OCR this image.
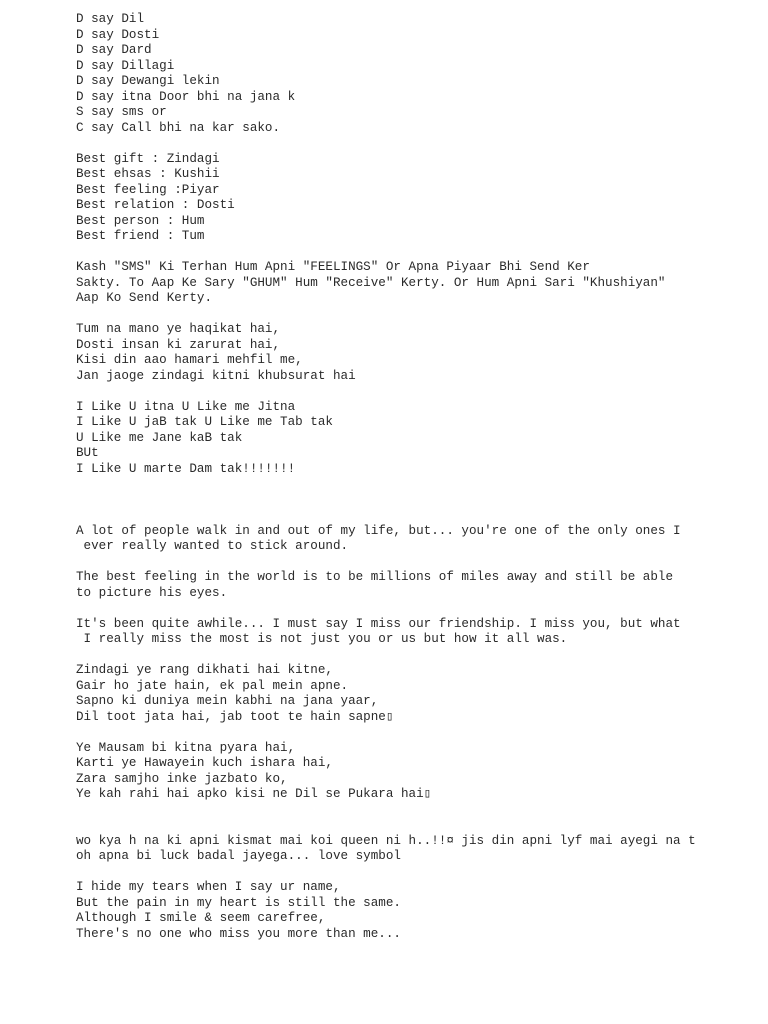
D say Dil
D say Dosti
D say Dard
D say Dillagi
D say Dewangi lekin
D say itna Door bhi na jana k
S say sms or
C say Call bhi na kar sako.
Best gift : Zindagi
Best ehsas : Kushii
Best feeling :Piyar
Best relation : Dosti
Best person : Hum
Best friend : Tum
Kash "SMS" Ki Terhan Hum Apni "FEELINGS" Or Apna Piyaar Bhi Send Ker
Sakty. To Aap Ke Sary "GHUM" Hum "Receive" Kerty. Or Hum Apni Sari "Khushiyan"
Aap Ko Send Kerty.
Tum na mano ye haqikat hai,
Dosti insan ki zarurat hai,
Kisi din aao hamari mehfil me,
Jan jaoge zindagi kitni khubsurat hai
I Like U itna U Like me Jitna
I Like U jaB tak U Like me Tab tak
U Like me Jane kaB tak
BUt
I Like U marte Dam tak!!!!!!!
A lot of people walk in and out of my life, but... you're one of the only ones I
ever really wanted to stick around.
The best feeling in the world is to be millions of miles away and still be able
to picture his eyes.
It's been quite awhile... I must say I miss our friendship. I miss you, but what
I really miss the most is not just you or us but how it all was.
Zindagi ye rang dikhati hai kitne,
Gair ho jate hain, ek pal mein apne.
Sapno ki duniya mein kabhi na jana yaar,
Dil toot jata hai, jab toot te hain sapne▯
Ye Mausam bi kitna pyara hai,
Karti ye Hawayein kuch ishara hai,
Zara samjho inke jazbato ko,
Ye kah rahi hai apko kisi ne Dil se Pukara hai▯
wo kya h na ki apni kismat mai koi queen ni h..!!¤ jis din apni lyf mai ayegi na t
oh apna bi luck badal jayega... love symbol
I hide my tears when I say ur name,
But the pain in my heart is still the same.
Although I smile & seem carefree,
There's no one who miss you more than me...
